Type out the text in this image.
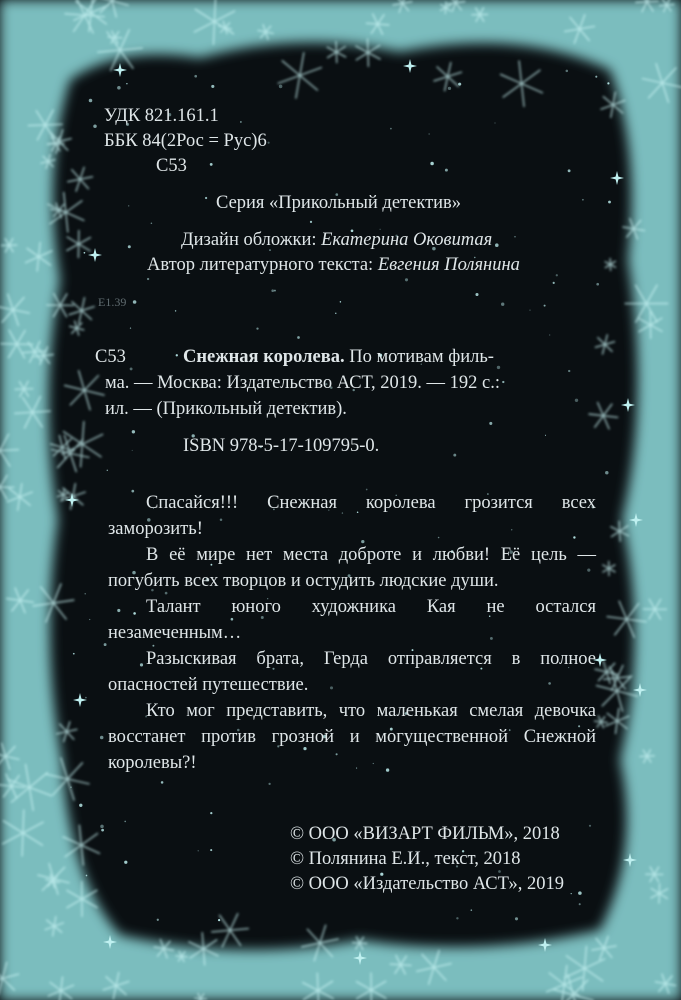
УДК 821.161.1
ББК 84(2Рос = Рус)6
С53
Серия «Прикольный детектив»
Дизайн обложки: Екатерина Оковитая
Автор литературного текста: Евгения Полянина
Е1.39
С53	Снежная королева. По мотивам филь-
ма. — Москва: Издательство АСТ, 2019. — 192 с.:
ил. — (Прикольный детектив).
ISBN 978-5-17-109795-0.

Спасайся!!! Снежная королева грозится всех заморозить!

В её мире нет места доброте и любви! Её цель — погубить всех творцов и остудить людские души.

Талант юного художника Кая не остался незамеченным…

Разыскивая брата, Герда отправляется в полное опасностей путешествие.

Кто мог представить, что маленькая смелая девочка восстанет против грозной и могущественной Снежной королевы?!

© ООО «ВИЗАРТ ФИЛЬМ», 2018
© Полянина Е.И., текст, 2018
© ООО «Издательство АСТ», 2019
